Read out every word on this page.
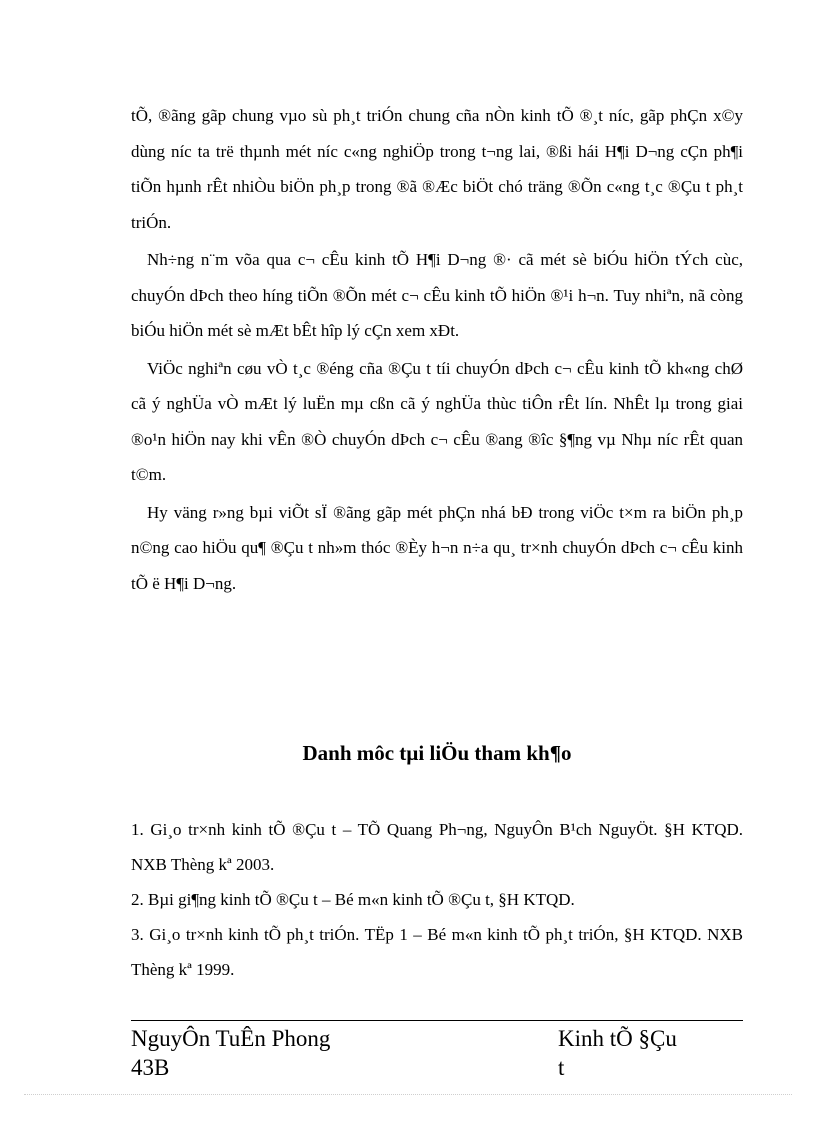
tÕ, ®ãng gãp chung vµo sù ph¸t triÓn chung cña nÒn kinh tÕ ®¸t níc, gãp phÇn x©y dùng níc ta trë thµnh mét níc c«ng nghiÖp trong t¬ng lai, ®ßi hái H¶i D¬ng cÇn ph¶i tiÕn hµnh rÊt nhiÒu biÖn ph¸p trong ®ã ®Æc biÖt chó träng ®Õn c«ng t¸c ®Çu t ph¸t triÓn.

Nh÷ng n¨m võa qua c¬ cÊu kinh tÕ H¶i D¬ng ®· cã mét sè biÓu hiÖn tÝch cùc, chuyÓn dÞch theo híng tiÕn ®Õn mét c¬ cÊu kinh tÕ hiÖn ®¹i h¬n. Tuy nhiªn, nã còng biÓu hiÖn mét sè mÆt bÊt hîp lý cÇn xem xÐt.

ViÖc nghiªn cøu vÒ t¸c ®éng cña ®Çu t tíi chuyÓn dÞch c¬ cÊu kinh tÕ kh«ng chØ cã ý nghÜa vÒ mÆt lý luËn mµ cßn cã ý nghÜa thùc tiÔn rÊt lín. NhÊt lµ trong giai ®o¹n hiÖn nay khi vÊn ®Ò chuyÓn dÞch c¬ cÊu ®ang ®îc §¶ng vµ Nhµ níc rÊt quan t©m.

Hy väng r»ng bµi viÕt sÏ ®ãng gãp mét phÇn nhá bÐ trong viÖc t×m ra biÖn ph¸p n©ng cao hiÖu qu¶ ®Çu t nh»m thóc ®Èy h¬n n÷a qu¸ tr×nh chuyÓn dÞch c¬ cÊu kinh tÕ ë H¶i D¬ng.

Danh môc tµi liÖu tham kh¶o

1. Gi¸o tr×nh kinh tÕ ®Çu t – TÕ Quang Ph¬ng, NguyÔn B¹ch NguyÖt. §H KTQD. NXB Thèng kª 2003.

2. Bµi gi¶ng kinh tÕ ®Çu t – Bé m«n kinh tÕ ®Çu t, §H KTQD.

3. Gi¸o tr×nh kinh tÕ ph¸t triÓn. TËp 1 – Bé m«n kinh tÕ ph¸t triÓn, §H KTQD. NXB Thèng kª 1999.

NguyÔn TuÊn Phong
43B
Kinh tÕ §Çu t
